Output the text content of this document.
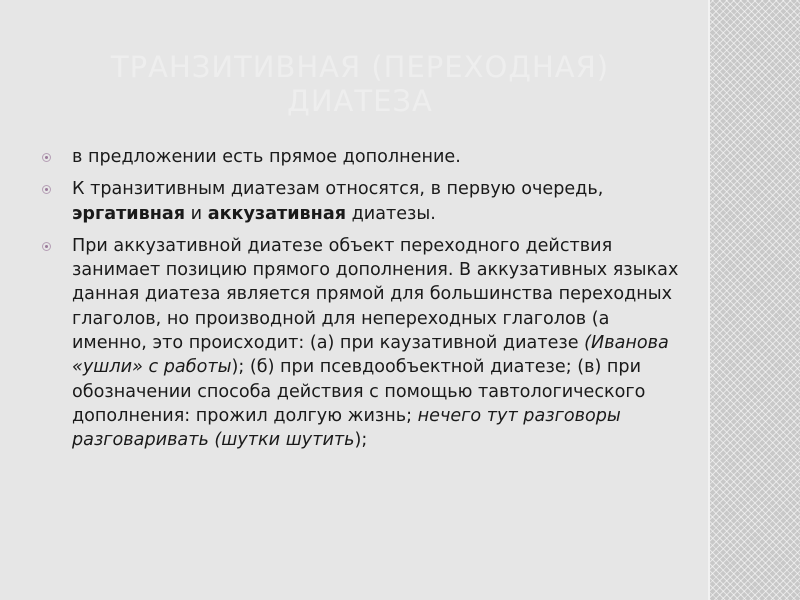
ТРАНЗИТИВНАЯ (ПЕРЕХОДНАЯ) ДИАТЕЗА
в предложении есть прямое дополнение.
К транзитивным диатезам относятся, в первую очередь, эргативная и аккузативная диатезы.
При аккузативной диатезе объект переходного действия занимает позицию прямого дополнения. В аккузативных языках данная диатеза является прямой для большинства переходных глаголов, но производной для непереходных глаголов (а именно, это происходит: (а) при каузативной диатезе (Иванова «ушли» с работы); (б) при псевдообъектной диатезе; (в) при обозначении способа действия с помощью тавтологического дополнения: прожил долгую жизнь; нечего тут разговоры разговаривать (шутки шутить);
